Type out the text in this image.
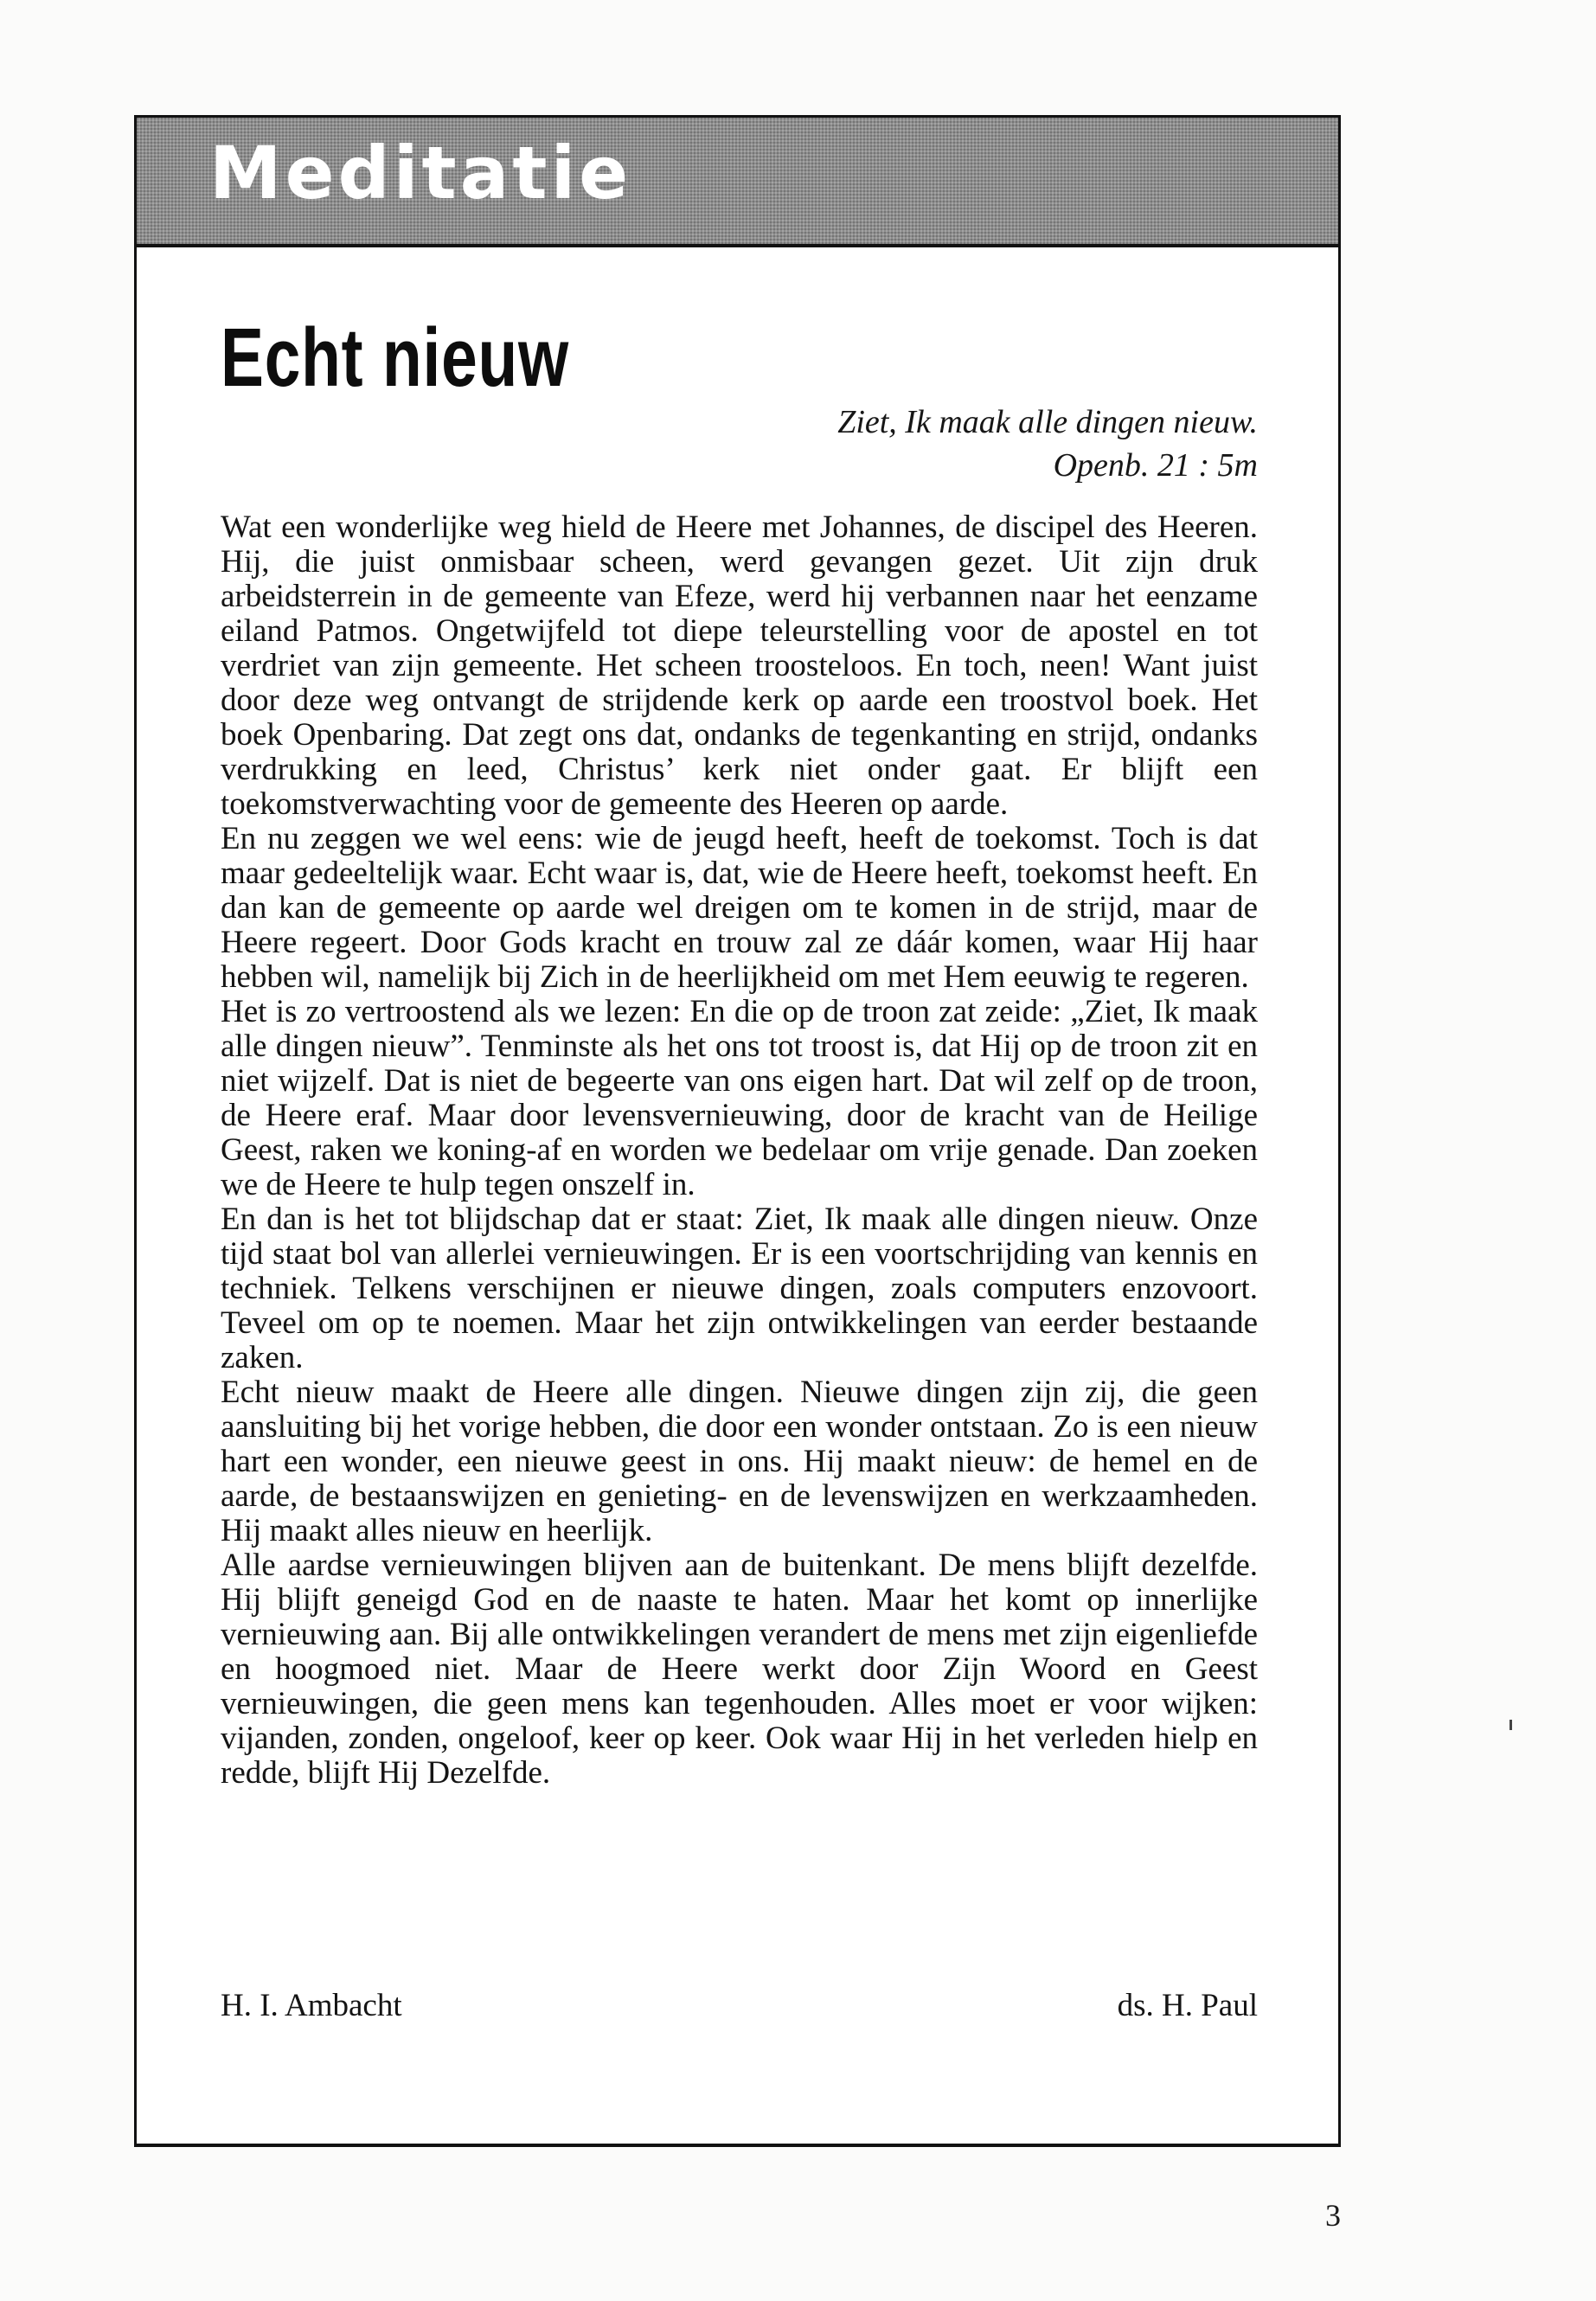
Meditatie
Echt nieuw
Ziet, Ik maak alle dingen nieuw.
Openb. 21 : 5m

Wat een wonderlijke weg hield de Heere met Johannes, de discipel des Heeren. Hij, die juist onmisbaar scheen, werd gevangen gezet. Uit zijn druk arbeidsterrein in de gemeente van Efeze, werd hij verbannen naar het eenzame eiland Patmos. Ongetwijfeld tot diepe teleurstelling voor de apostel en tot verdriet van zijn gemeente. Het scheen troosteloos. En toch, neen! Want juist door deze weg ontvangt de strijdende kerk op aarde een troostvol boek. Het boek Openbaring. Dat zegt ons dat, ondanks de tegenkanting en strijd, ondanks verdrukking en leed, Christus’ kerk niet onder gaat. Er blijft een toekomstverwachting voor de gemeente des Heeren op aarde.

En nu zeggen we wel eens: wie de jeugd heeft, heeft de toekomst. Toch is dat maar gedeeltelijk waar. Echt waar is, dat, wie de Heere heeft, toekomst heeft. En dan kan de gemeente op aarde wel dreigen om te komen in de strijd, maar de Heere regeert. Door Gods kracht en trouw zal ze dáár komen, waar Hij haar hebben wil, namelijk bij Zich in de heerlijkheid om met Hem eeuwig te regeren.

Het is zo vertroostend als we lezen: En die op de troon zat zeide: „Ziet, Ik maak alle dingen nieuw”. Tenminste als het ons tot troost is, dat Hij op de troon zit en niet wijzelf. Dat is niet de begeerte van ons eigen hart. Dat wil zelf op de troon, de Heere eraf. Maar door levensvernieuwing, door de kracht van de Heilige Geest, raken we koning-af en worden we bedelaar om vrije genade. Dan zoeken we de Heere te hulp tegen onszelf in.

En dan is het tot blijdschap dat er staat: Ziet, Ik maak alle dingen nieuw. Onze tijd staat bol van allerlei vernieuwingen. Er is een voortschrijding van kennis en techniek. Telkens verschijnen er nieuwe dingen, zoals computers enzovoort. Teveel om op te noemen. Maar het zijn ontwikkelingen van eerder bestaande zaken.

Echt nieuw maakt de Heere alle dingen. Nieuwe dingen zijn zij, die geen aansluiting bij het vorige hebben, die door een wonder ontstaan. Zo is een nieuw hart een wonder, een nieuwe geest in ons. Hij maakt nieuw: de hemel en de aarde, de bestaanswijzen en genieting- en de levenswijzen en werkzaamheden. Hij maakt alles nieuw en heerlijk.

Alle aardse vernieuwingen blijven aan de buitenkant. De mens blijft dezelfde. Hij blijft geneigd God en de naaste te haten. Maar het komt op innerlijke vernieuwing aan. Bij alle ontwikkelingen verandert de mens met zijn eigenliefde en hoogmoed niet. Maar de Heere werkt door Zijn Woord en Geest vernieuwingen, die geen mens kan tegenhouden. Alles moet er voor wijken: vijanden, zonden, ongeloof, keer op keer. Ook waar Hij in het verleden hielp en redde, blijft Hij Dezelfde.

H. I. Ambacht	ds. H. Paul
3
